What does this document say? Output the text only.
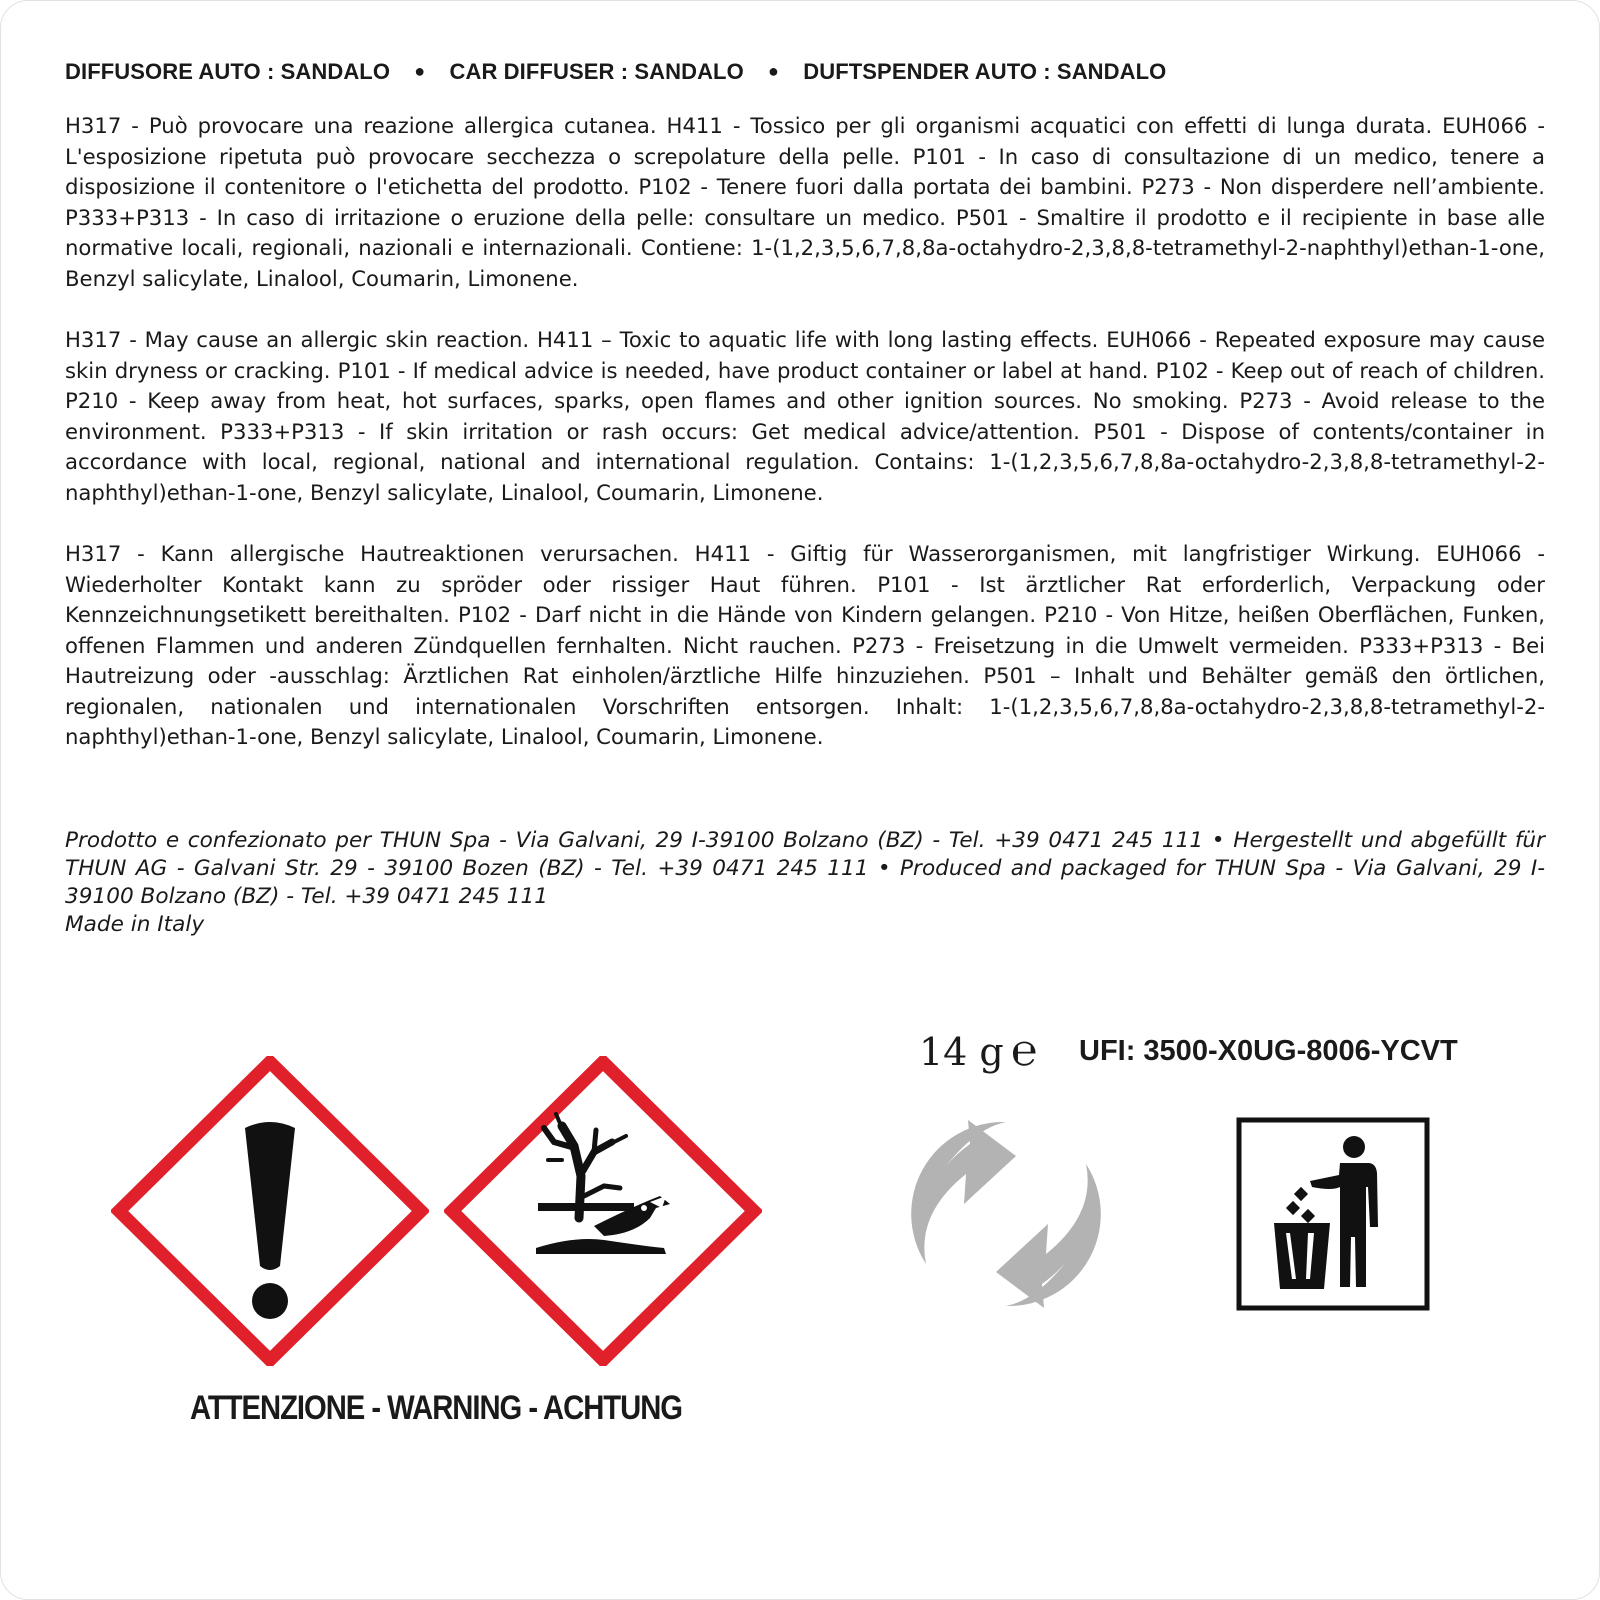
DIFFUSORE AUTO : SANDALO ● CAR DIFFUSER : SANDALO ● DUFTSPENDER AUTO : SANDALO
H317 - Può provocare una reazione allergica cutanea. H411 - Tossico per gli organismi acquatici con effetti di lunga durata. EUH066 - L'esposizione ripetuta può provocare secchezza o screpolature della pelle. P101 - In caso di consultazione di un medico, tenere a disposizione il contenitore o l'etichetta del prodotto. P102 - Tenere fuori dalla portata dei bambini. P273 - Non disperdere nell’ambiente. P333+P313 - In caso di irritazione o eruzione della pelle: consultare un medico. P501 - Smaltire il prodotto e il recipiente in base alle normative locali, regionali, nazionali e internazionali. Contiene: 1-(1,2,3,5,6,7,8,8a-octahydro-2,3,8,8-tetramethyl-2-naphthyl)ethan-1-one, Benzyl salicylate, Linalool, Coumarin, Limonene.
H317 - May cause an allergic skin reaction. H411 – Toxic to aquatic life with long lasting effects. EUH066 - Repeated exposure may cause skin dryness or cracking. P101 - If medical advice is needed, have product container or label at hand. P102 - Keep out of reach of children. P210 - Keep away from heat, hot surfaces, sparks, open flames and other ignition sources. No smoking. P273 - Avoid release to the environment. P333+P313 - If skin irritation or rash occurs: Get medical advice/attention. P501 - Dispose of contents/container in accordance with local, regional, national and international regulation. Contains: 1-(1,2,3,5,6,7,8,8a-octahydro-2,3,8,8-tetramethyl-2-naphthyl)ethan-1-one, Benzyl salicylate, Linalool, Coumarin, Limonene.
H317 - Kann allergische Hautreaktionen verursachen. H411 - Giftig für Wasserorganismen, mit langfristiger Wirkung. EUH066 - Wiederholter Kontakt kann zu spröder oder rissiger Haut führen. P101 - Ist ärztlicher Rat erforderlich, Verpackung oder Kennzeichnungsetikett bereithalten. P102 - Darf nicht in die Hände von Kindern gelangen. P210 - Von Hitze, heißen Oberflächen, Funken, offenen Flammen und anderen Zündquellen fernhalten. Nicht rauchen. P273 - Freisetzung in die Umwelt vermeiden. P333+P313 - Bei Hautreizung oder -ausschlag: Ärztlichen Rat einholen/ärztliche Hilfe hinzuziehen. P501 – Inhalt und Behälter gemäß den örtlichen, regionalen, nationalen und internationalen Vorschriften entsorgen. Inhalt: 1-(1,2,3,5,6,7,8,8a-octahydro-2,3,8,8-tetramethyl-2-naphthyl)ethan-1-one, Benzyl salicylate, Linalool, Coumarin, Limonene.
Prodotto e confezionato per THUN Spa - Via Galvani, 29 I-39100 Bolzano (BZ) - Tel. +39 0471 245 111 • Hergestellt und abgefüllt für THUN AG - Galvani Str. 29 - 39100 Bozen (BZ) - Tel. +39 0471 245 111 • Produced and packaged for THUN Spa - Via Galvani, 29 I-39100 Bolzano (BZ) - Tel. +39 0471 245 111
Made in Italy
ATTENZIONE - WARNING - ACHTUNG
14 g ℮ UFI: 3500-X0UG-8006-YCVT
